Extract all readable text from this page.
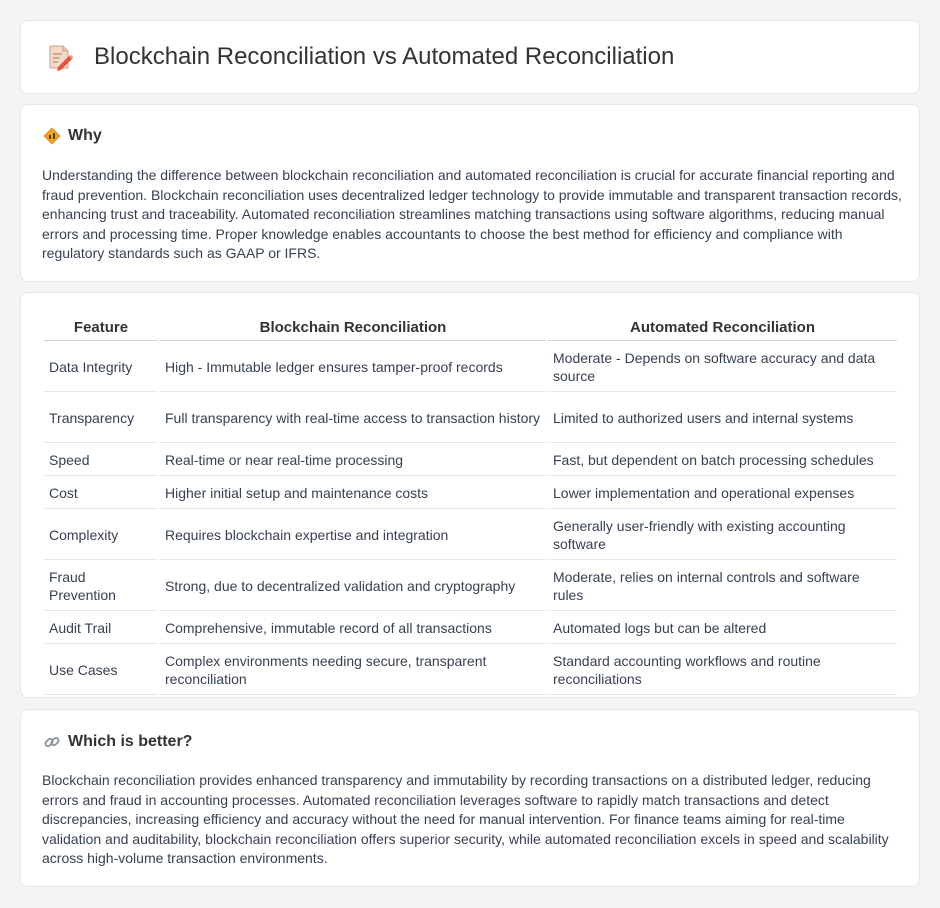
Blockchain Reconciliation vs Automated Reconciliation
Why

Understanding the difference between blockchain reconciliation and automated reconciliation is crucial for accurate financial reporting and fraud prevention. Blockchain reconciliation uses decentralized ledger technology to provide immutable and transparent transaction records, enhancing trust and traceability. Automated reconciliation streamlines matching transactions using software algorithms, reducing manual errors and processing time. Proper knowledge enables accountants to choose the best method for efficiency and compliance with regulatory standards such as GAAP or IFRS.

Feature	Blockchain Reconciliation	Automated Reconciliation
Data Integrity	High - Immutable ledger ensures tamper-proof records	Moderate - Depends on software accuracy and data source
Transparency	Full transparency with real-time access to transaction history	Limited to authorized users and internal systems
Speed	Real-time or near real-time processing	Fast, but dependent on batch processing schedules
Cost	Higher initial setup and maintenance costs	Lower implementation and operational expenses
Complexity	Requires blockchain expertise and integration	Generally user-friendly with existing accounting software
Fraud Prevention	Strong, due to decentralized validation and cryptography	Moderate, relies on internal controls and software rules
Audit Trail	Comprehensive, immutable record of all transactions	Automated logs but can be altered
Use Cases	Complex environments needing secure, transparent reconciliation	Standard accounting workflows and routine reconciliations
Which is better?

Blockchain reconciliation provides enhanced transparency and immutability by recording transactions on a distributed ledger, reducing errors and fraud in accounting processes. Automated reconciliation leverages software to rapidly match transactions and detect discrepancies, increasing efficiency and accuracy without the need for manual intervention. For finance teams aiming for real-time validation and auditability, blockchain reconciliation offers superior security, while automated reconciliation excels in speed and scalability across high-volume transaction environments.
